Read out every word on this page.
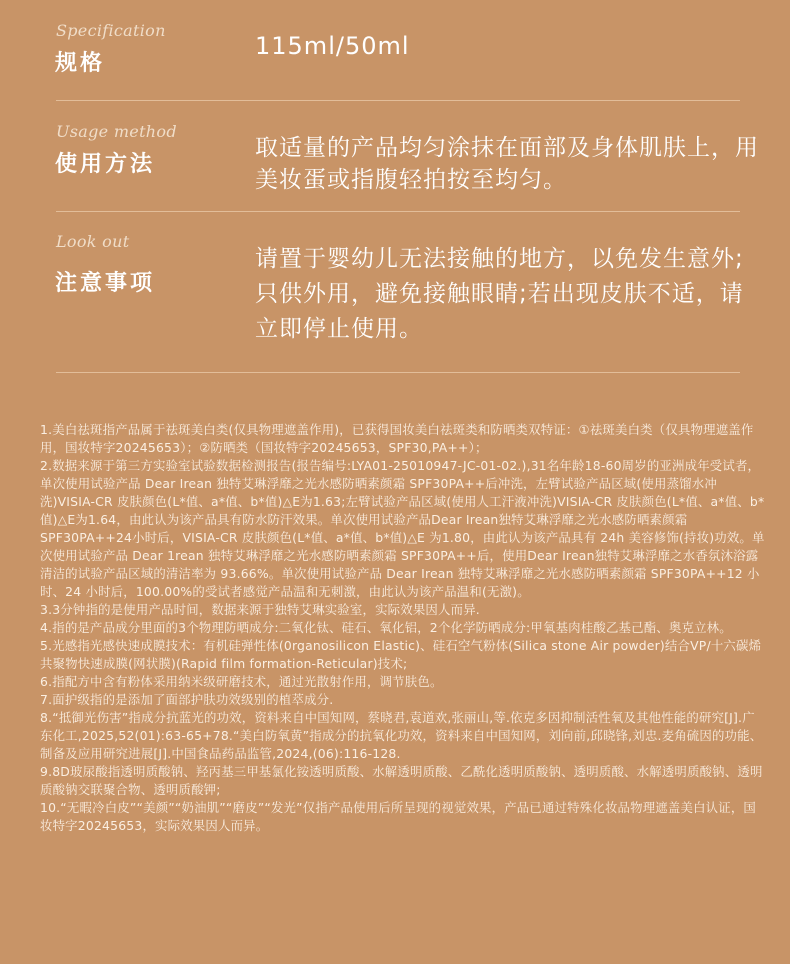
Specification
规格
115ml/50ml
Usage method
使用方法
取适量的产品均匀涂抹在面部及身体肌肤上，用美妆蛋或指腹轻拍按至均匀。
Look out
注意事项
请置于婴幼儿无法接触的地方，以免发生意外;只供外用，避免接触眼睛;若出现皮肤不适，请立即停止使用。

1.美白祛斑指产品属于祛斑美白类(仅具物理遮盖作用)，已获得国妆美白祛斑类和防晒类双特证：①祛斑美白类（仅具物理遮盖作用，国妆特字20245653）；②防晒类（国妆特字20245653，SPF30,PA++）；

2.数据来源于第三方实验室试验数据检测报告(报告编号:LYA01-25010947-JC-01-02.),31名年龄18-60周岁的亚洲成年受试者，单次使用试验产品 Dear Irean 独特艾琳浮靡之光水感防晒素颜霜 SPF30PA++后冲洗，左臂试验产品区域(使用蒸馏水冲洗)VISIA-CR 皮肤颜色(L*值、a*值、b*值)△E为1.63;左臂试验产品区域(使用人工汗液冲洗)VISIA-CR 皮肤颜色(L*值、a*值、b*值)△E为1.64，由此认为该产品具有防水防汗效果。单次使用试验产品Dear Irean独特艾琳浮靡之光水感防晒素颜霜SPF30PA++24小时后，VISIA-CR 皮肤颜色(L*值、a*值、b*值)△E 为1.80，由此认为该产品具有 24h 美容修饰(持妆)功效。单次使用试验产品 Dear 1rean 独特艾琳浮靡之光水感防晒素颜霜 SPF30PA++后，使用Dear Irean独特艾琳浮靡之水香氛沐浴露清洁的试验产品区域的清洁率为 93.66%。单次使用试验产品 Dear Irean 独特艾琳浮靡之光水感防晒素颜霜 SPF30PA++12 小时、24 小时后，100.00%的受试者感觉产品温和无刺激，由此认为该产品温和(无激)。

3.3分钟指的是使用产品时间，数据来源于独特艾琳实验室，实际效果因人而异.

4.指的是产品成分里面的3个物理防晒成分:二氧化钛、硅石、氧化铝，2个化学防晒成分:甲氧基肉桂酸乙基己酯、奥克立林。

5.光感指光感快速成膜技术：有机硅弹性体(0rganosilicon Elastic)、硅石空气粉体(Silica stone Air powder)结合VP/十六碳烯共聚物快速成膜(网状膜)(Rapid film formation-Reticular)技术;

6.指配方中含有粉体采用纳米级研磨技术，通过光散射作用，调节肤色。

7.面护级指的是添加了面部护肤功效级别的植萃成分.

8.“抵御光伤害”指成分抗蓝光的功效，资料来自中国知网，蔡晓君,袁道欢,张丽山,等.依克多因抑制活性氧及其他性能的研究[J].广东化工,2025,52(01):63-65+78.“美白防氧黄”指成分的抗氧化功效，资料来自中国知网，刘向前,邱晓锋,刘忠.麦角硫因的功能、制备及应用研究进展[J].中国食品药品监管,2024,(06):116-128.

9.8D玻尿酸指透明质酸钠、羟丙基三甲基氯化铵透明质酸、水解透明质酸、乙酰化透明质酸钠、透明质酸、水解透明质酸钠、透明质酸钠交联聚合物、透明质酸钾;

10.“无暇冷白皮”“美颜”“奶油肌”“磨皮”“发光”仅指产品使用后所呈现的视觉效果，产品已通过特殊化妆品物理遮盖美白认证，国妆特字20245653，实际效果因人而异。
